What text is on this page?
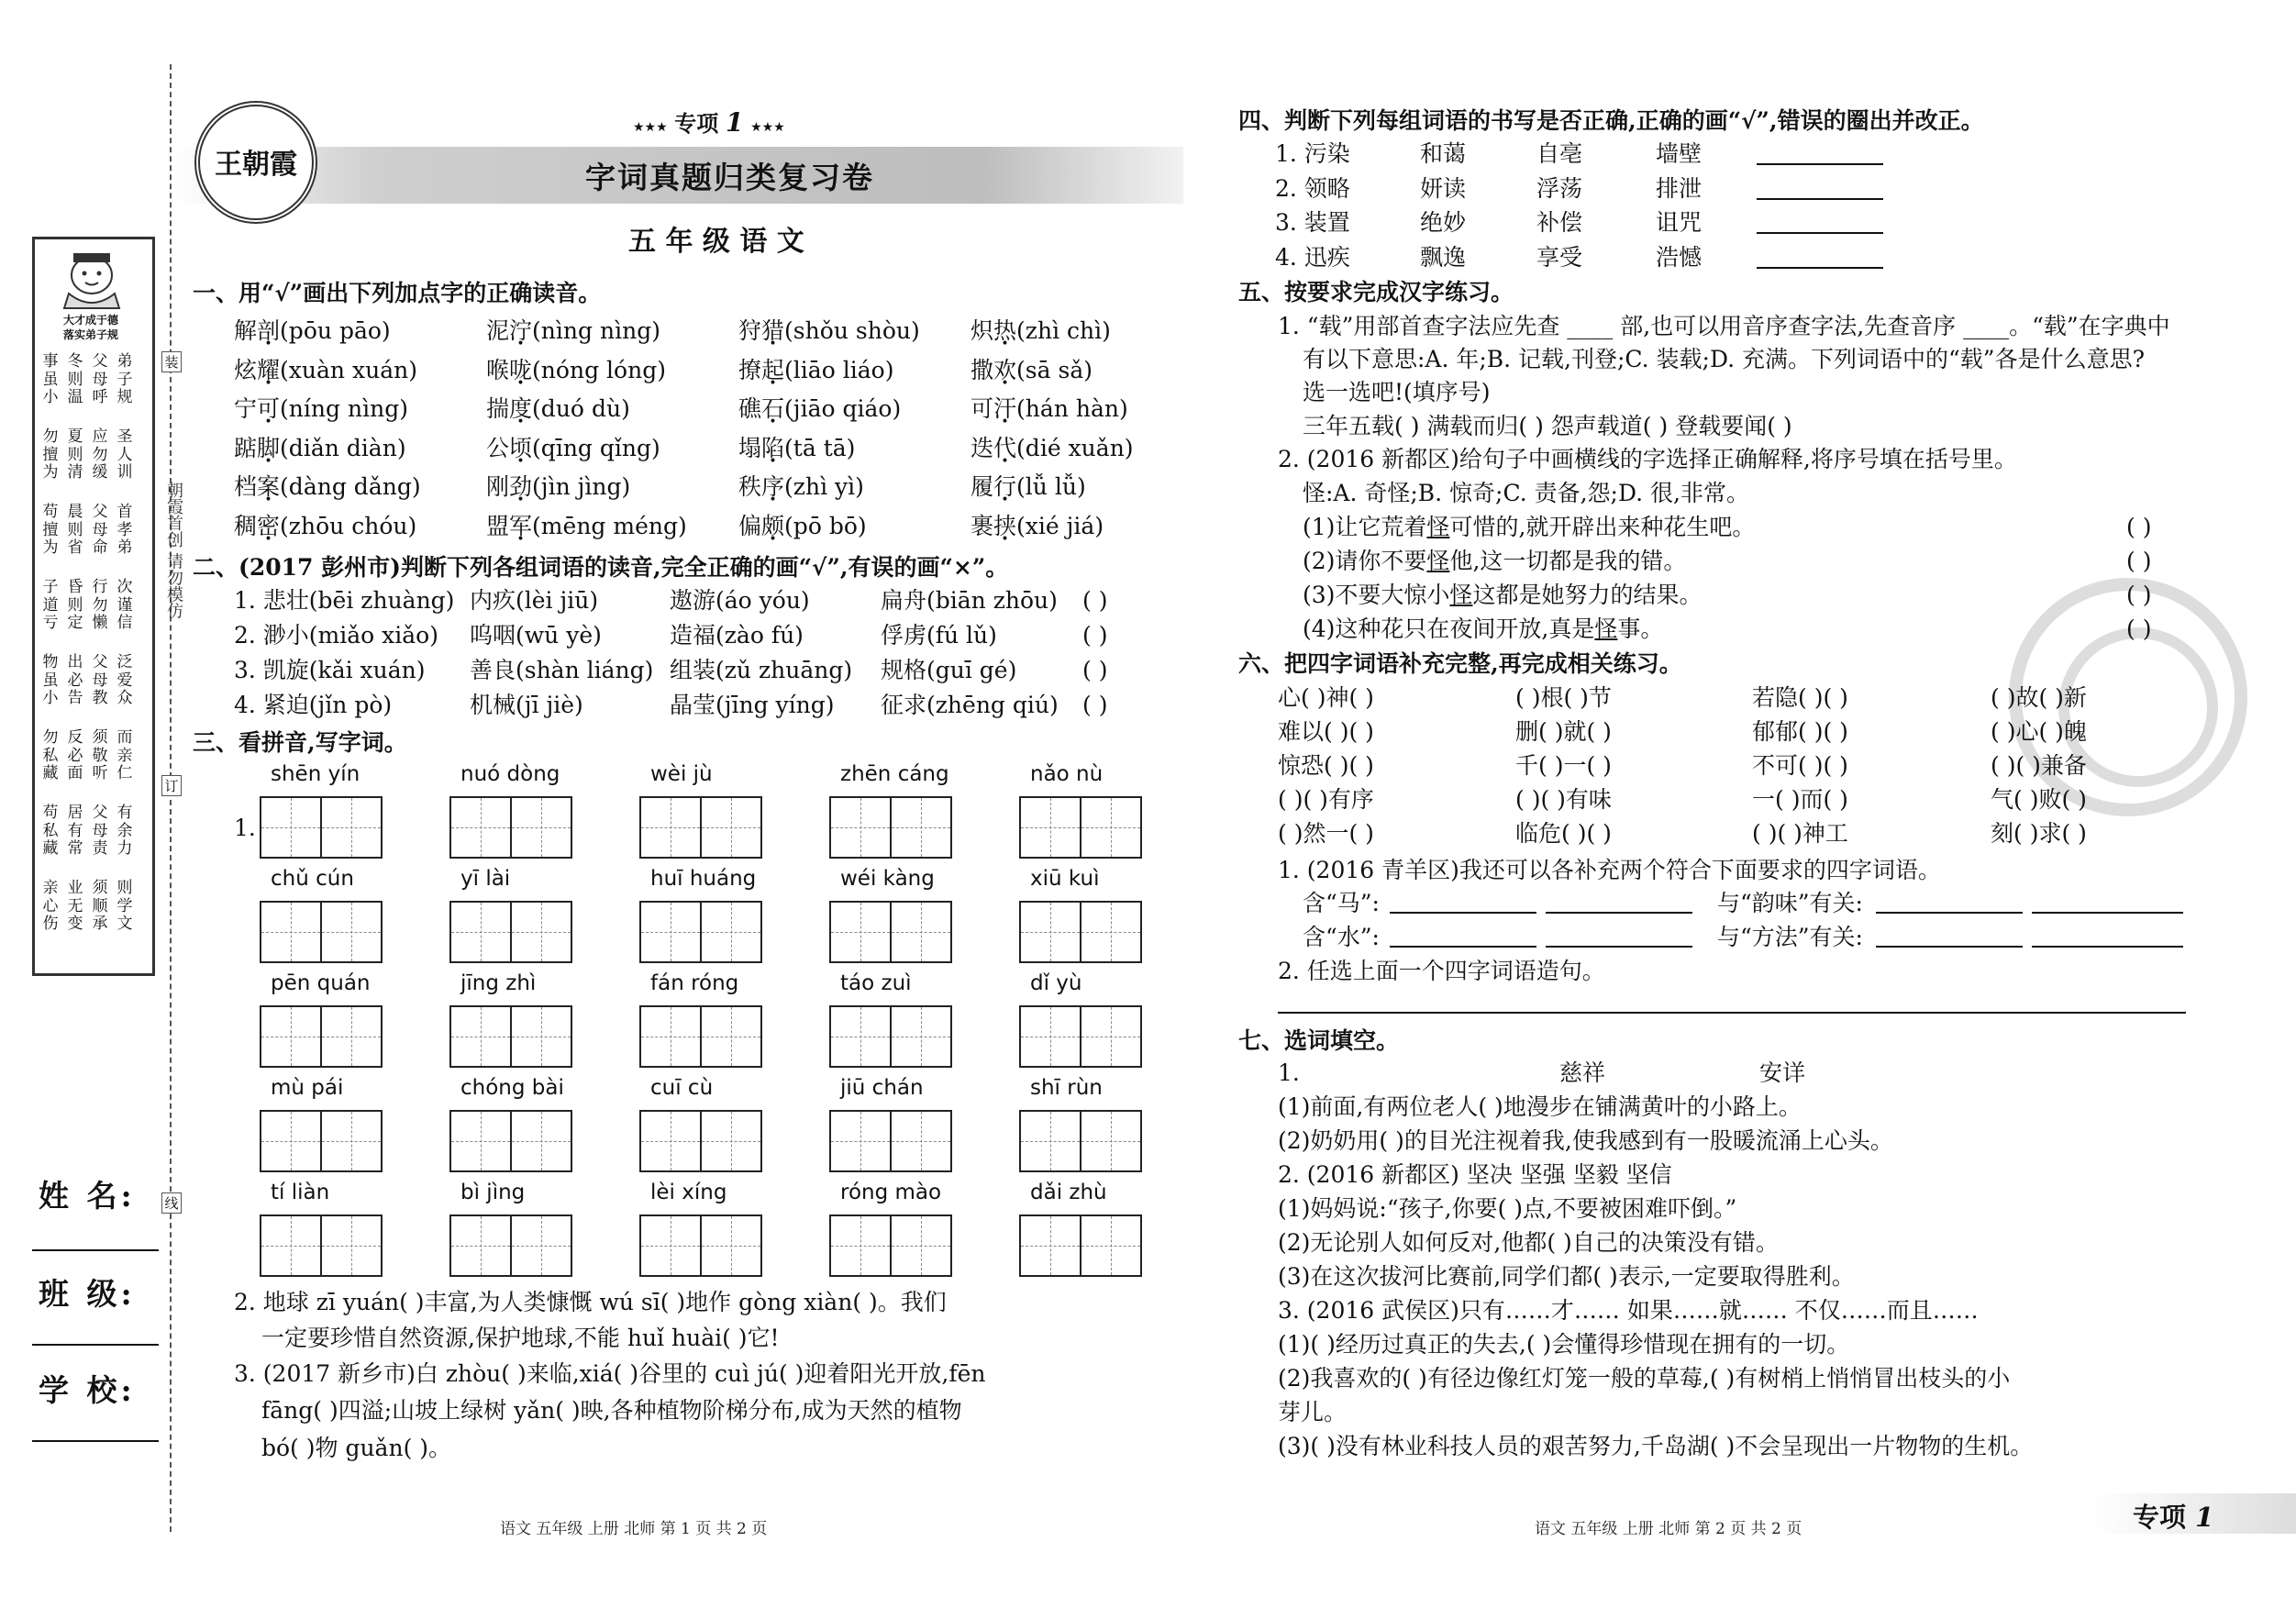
大才成于德
落实弟子规
事虽小
冬则温
父母呼
弟子规
勿擅为
夏则清
应勿缓
圣人训
苟擅为
晨则省
父母命
首孝弟
子道亏
昏则定
行勿懒
次谨信
物虽小
出必告
父母教
泛爱众
勿私藏
反必面
须敬听
而亲仁
苟私藏
居有常
父母责
有余力
亲心伤
业无变
须顺承
则学文
姓 名:
班 级:
学 校:
装
订
线
朝霞首创 请勿模仿
王朝霞
★★★ 专项 1 ★★★
字词真题归类复习卷
五 年 级 语 文
一、用“√”画出下列加点字的正确读音。
解剖(pōu pāo)	泥泞(nìng nìng)	狩猎(shǒu shòu) 炽热(zhì chì)
炫耀(xuàn xuán)	喉咙(nóng lóng)	撩起(liāo liáo)	撒欢(sā sǎ)
宁可(níng nìng)	揣度(duó dù)	礁石(jiāo qiáo)	可汗(hán hàn)
踮脚(diǎn diàn)	公顷(qīng qǐng)	塌陷(tā tā)	迭代(dié xuǎn)
档案(dàng dǎng)	刚劲(jìn jìng)	秩序(zhì yì)	履行(lǚ lǚ)
稠密(zhōu chóu)	盟军(mēng méng) 偏颇(pō bō)	裹挟(xié jiá)
二、(2017 彭州市)判断下列各组词语的读音,完全正确的画“√”,有误的画“×”。
1. 悲壮(bēi zhuàng) 内疚(lèi jiū)	遨游(áo yóu)	扁舟(biān zhōu) ( )
2. 渺小(miǎo xiǎo) 呜咽(wū yè)	造福(zào fú)	俘虏(fú lǔ)	( )
3. 凯旋(kǎi xuán) 善良(shàn liáng) 组装(zǔ zhuāng) 规格(guī gé)	( )
4. 紧迫(jǐn pò)	机械(jī jiè)	晶莹(jīng yíng) 征求(zhēng qiú) ( )
三、看拼音,写字词。
1.
shēn yín	nuó dòng	wèi jù	zhēn cáng	nǎo nù
chǔ cún	yī lài	huī huáng	wéi kàng	xiū kuì
pēn quán	jīng zhì	fán róng	táo zuì	dǐ yù
mù pái	chóng bài	cuī cù	jiū chán	shī rùn
tí liàn	bì jìng	lèi xíng	róng mào	dǎi zhù
2. 地球 zī yuán( )丰富,为人类慷慨 wú sī( )地作 gòng xiàn( )。我们
一定要珍惜自然资源,保护地球,不能 huǐ huài( )它!
3. (2017 新乡市)白 zhòu( )来临,xiá( )谷里的 cuì jú( )迎着阳光开放,fēn
fāng( )四溢;山坡上绿树 yǎn( )映,各种植物阶梯分布,成为天然的植物
bó( )物 guǎn( )。
语文 五年级 上册 北师 第 1 页 共 2 页
四、判断下列每组词语的书写是否正确,正确的画“√”,错误的圈出并改正。
1. 污染	和蔼	自亳	墙壁
2. 领略	妍读	浮荡	排泄
3. 装置	绝妙	补偿	诅咒
4. 迅疾	飘逸	享受	浩憾
五、按要求完成汉字练习。
1. “载”用部首查字法应先查 ____ 部,也可以用音序查字法,先查音序 ____。“载”在字典中
有以下意思:A. 年;B. 记载,刊登;C. 装载;D. 充满。下列词语中的“载”各是什么意思?
选一选吧!(填序号)
三年五载( ) 满载而归( ) 怨声载道( ) 登载要闻( )
2. (2016 新都区)给句子中画横线的字选择正确解释,将序号填在括号里。
怪:A. 奇怪;B. 惊奇;C. 责备,怨;D. 很,非常。
(1)让它荒着怪可惜的,就开辟出来种花生吧。	( )
(2)请你不要怪他,这一切都是我的错。	( )
(3)不要大惊小怪这都是她努力的结果。	( )
(4)这种花只在夜间开放,真是怪事。	( )
六、把四字词语补充完整,再完成相关练习。
心( )神( )	( )根( )节	若隐( )( )	( )故( )新
难以( )( )	删( )就( )	郁郁( )( )	( )心( )魄
惊恐( )( )	千( )一( )	不可( )( )	( )( )兼备
( )( )有序	( )( )有味	一( )而( )	气( )败( )
( )然一( )	临危( )( )	( )( )神工	刻( )求( )
1. (2016 青羊区)我还可以各补充两个符合下面要求的四字词语。
含“马”:	与“韵味”有关:
含“水”:	与“方法”有关:
2. 任选上面一个四字词语造句。
七、选词填空。
1.	慈祥	安详
(1)前面,有两位老人( )地漫步在铺满黄叶的小路上。
(2)奶奶用( )的目光注视着我,使我感到有一股暖流涌上心头。
2. (2016 新都区) 坚决 坚强 坚毅 坚信
(1)妈妈说:“孩子,你要( )点,不要被困难吓倒。”
(2)无论别人如何反对,他都( )自己的决策没有错。
(3)在这次拔河比赛前,同学们都( )表示,一定要取得胜利。
3. (2016 武侯区)只有……才…… 如果……就…… 不仅……而且……
(1)( )经历过真正的失去,( )会懂得珍惜现在拥有的一切。
(2)我喜欢的( )有径边像红灯笼一般的草莓,( )有树梢上悄悄冒出枝头的小
芽儿。
(3)( )没有林业科技人员的艰苦努力,千岛湖( )不会呈现出一片物物的生机。
语文 五年级 上册 北师 第 2 页 共 2 页	专项 1
